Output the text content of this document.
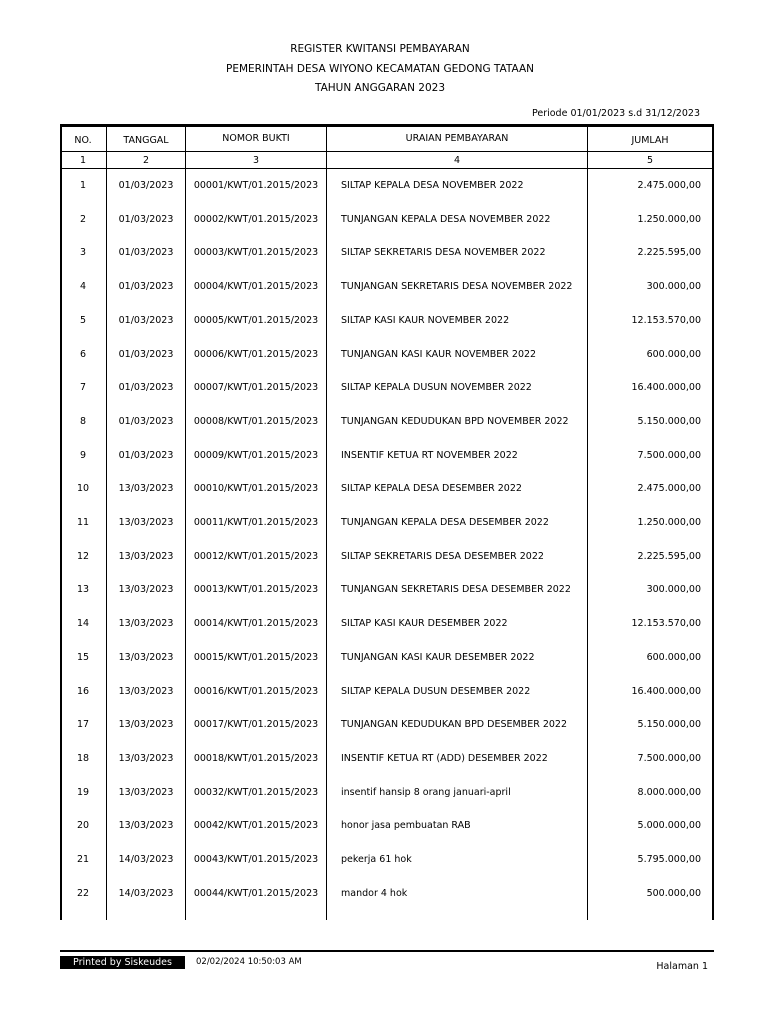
REGISTER KWITANSI PEMBAYARAN
PEMERINTAH DESA WIYONO KECAMATAN GEDONG TATAAN
TAHUN ANGGARAN 2023
Periode 01/01/2023 s.d 31/12/2023
NO.	TANGGAL	NOMOR BUKTI	URAIAN PEMBAYARAN	JUMLAH
1	2	3	4	5
1	01/03/2023	00001/KWT/01.2015/2023	SILTAP KEPALA DESA NOVEMBER 2022	2.475.000,00
2	01/03/2023	00002/KWT/01.2015/2023	TUNJANGAN KEPALA DESA NOVEMBER 2022	1.250.000,00
3	01/03/2023	00003/KWT/01.2015/2023	SILTAP SEKRETARIS DESA NOVEMBER 2022	2.225.595,00
4	01/03/2023	00004/KWT/01.2015/2023	TUNJANGAN SEKRETARIS DESA NOVEMBER 2022	300.000,00
5	01/03/2023	00005/KWT/01.2015/2023	SILTAP KASI KAUR NOVEMBER 2022	12.153.570,00
6	01/03/2023	00006/KWT/01.2015/2023	TUNJANGAN KASI KAUR NOVEMBER 2022	600.000,00
7	01/03/2023	00007/KWT/01.2015/2023	SILTAP KEPALA DUSUN NOVEMBER 2022	16.400.000,00
8	01/03/2023	00008/KWT/01.2015/2023	TUNJANGAN KEDUDUKAN BPD NOVEMBER 2022	5.150.000,00
9	01/03/2023	00009/KWT/01.2015/2023	INSENTIF KETUA RT NOVEMBER 2022	7.500.000,00
10	13/03/2023	00010/KWT/01.2015/2023	SILTAP KEPALA DESA DESEMBER 2022	2.475.000,00
11	13/03/2023	00011/KWT/01.2015/2023	TUNJANGAN KEPALA DESA DESEMBER 2022	1.250.000,00
12	13/03/2023	00012/KWT/01.2015/2023	SILTAP SEKRETARIS DESA DESEMBER 2022	2.225.595,00
13	13/03/2023	00013/KWT/01.2015/2023	TUNJANGAN SEKRETARIS DESA DESEMBER 2022	300.000,00
14	13/03/2023	00014/KWT/01.2015/2023	SILTAP KASI KAUR DESEMBER 2022	12.153.570,00
15	13/03/2023	00015/KWT/01.2015/2023	TUNJANGAN KASI KAUR DESEMBER 2022	600.000,00
16	13/03/2023	00016/KWT/01.2015/2023	SILTAP KEPALA DUSUN DESEMBER 2022	16.400.000,00
17	13/03/2023	00017/KWT/01.2015/2023	TUNJANGAN KEDUDUKAN BPD DESEMBER 2022	5.150.000,00
18	13/03/2023	00018/KWT/01.2015/2023	INSENTIF KETUA RT (ADD) DESEMBER 2022	7.500.000,00
19	13/03/2023	00032/KWT/01.2015/2023	insentif hansip 8 orang januari-april	8.000.000,00
20	13/03/2023	00042/KWT/01.2015/2023	honor jasa pembuatan RAB	5.000.000,00
21	14/03/2023	00043/KWT/01.2015/2023	pekerja 61 hok	5.795.000,00
22	14/03/2023	00044/KWT/01.2015/2023	mandor 4 hok	500.000,00
Printed by Siskeudes	02/02/2024 10:50:03 AM	Halaman 1
